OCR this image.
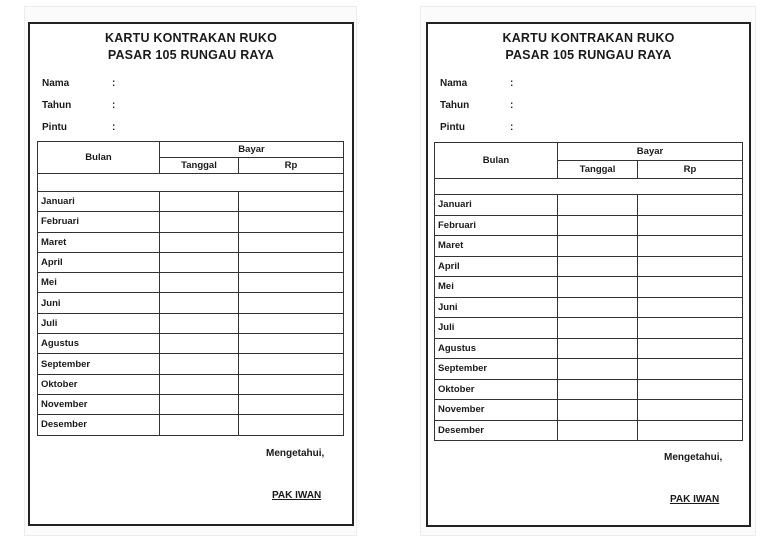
KARTU KONTRAKAN RUKO
PASAR 105 RUNGAU RAYA
Nama	:
Tahun	:
Pintu	:
Bulan	Bayar	
	Tanggal	Rp

Januari		
Februari		
Maret		
April		
Mei		
Juni		
Juli		
Agustus		
September		
Oktober		
November		
Desember		
Mengetahui,
PAK IWAN
KARTU KONTRAKAN RUKO
PASAR 105 RUNGAU RAYA
Nama	:
Tahun	:
Pintu	:
Bulan	Bayar	
	Tanggal	Rp

Januari		
Februari		
Maret		
April		
Mei		
Juni		
Juli		
Agustus		
September		
Oktober		
November		
Desember		
Mengetahui,
PAK IWAN
